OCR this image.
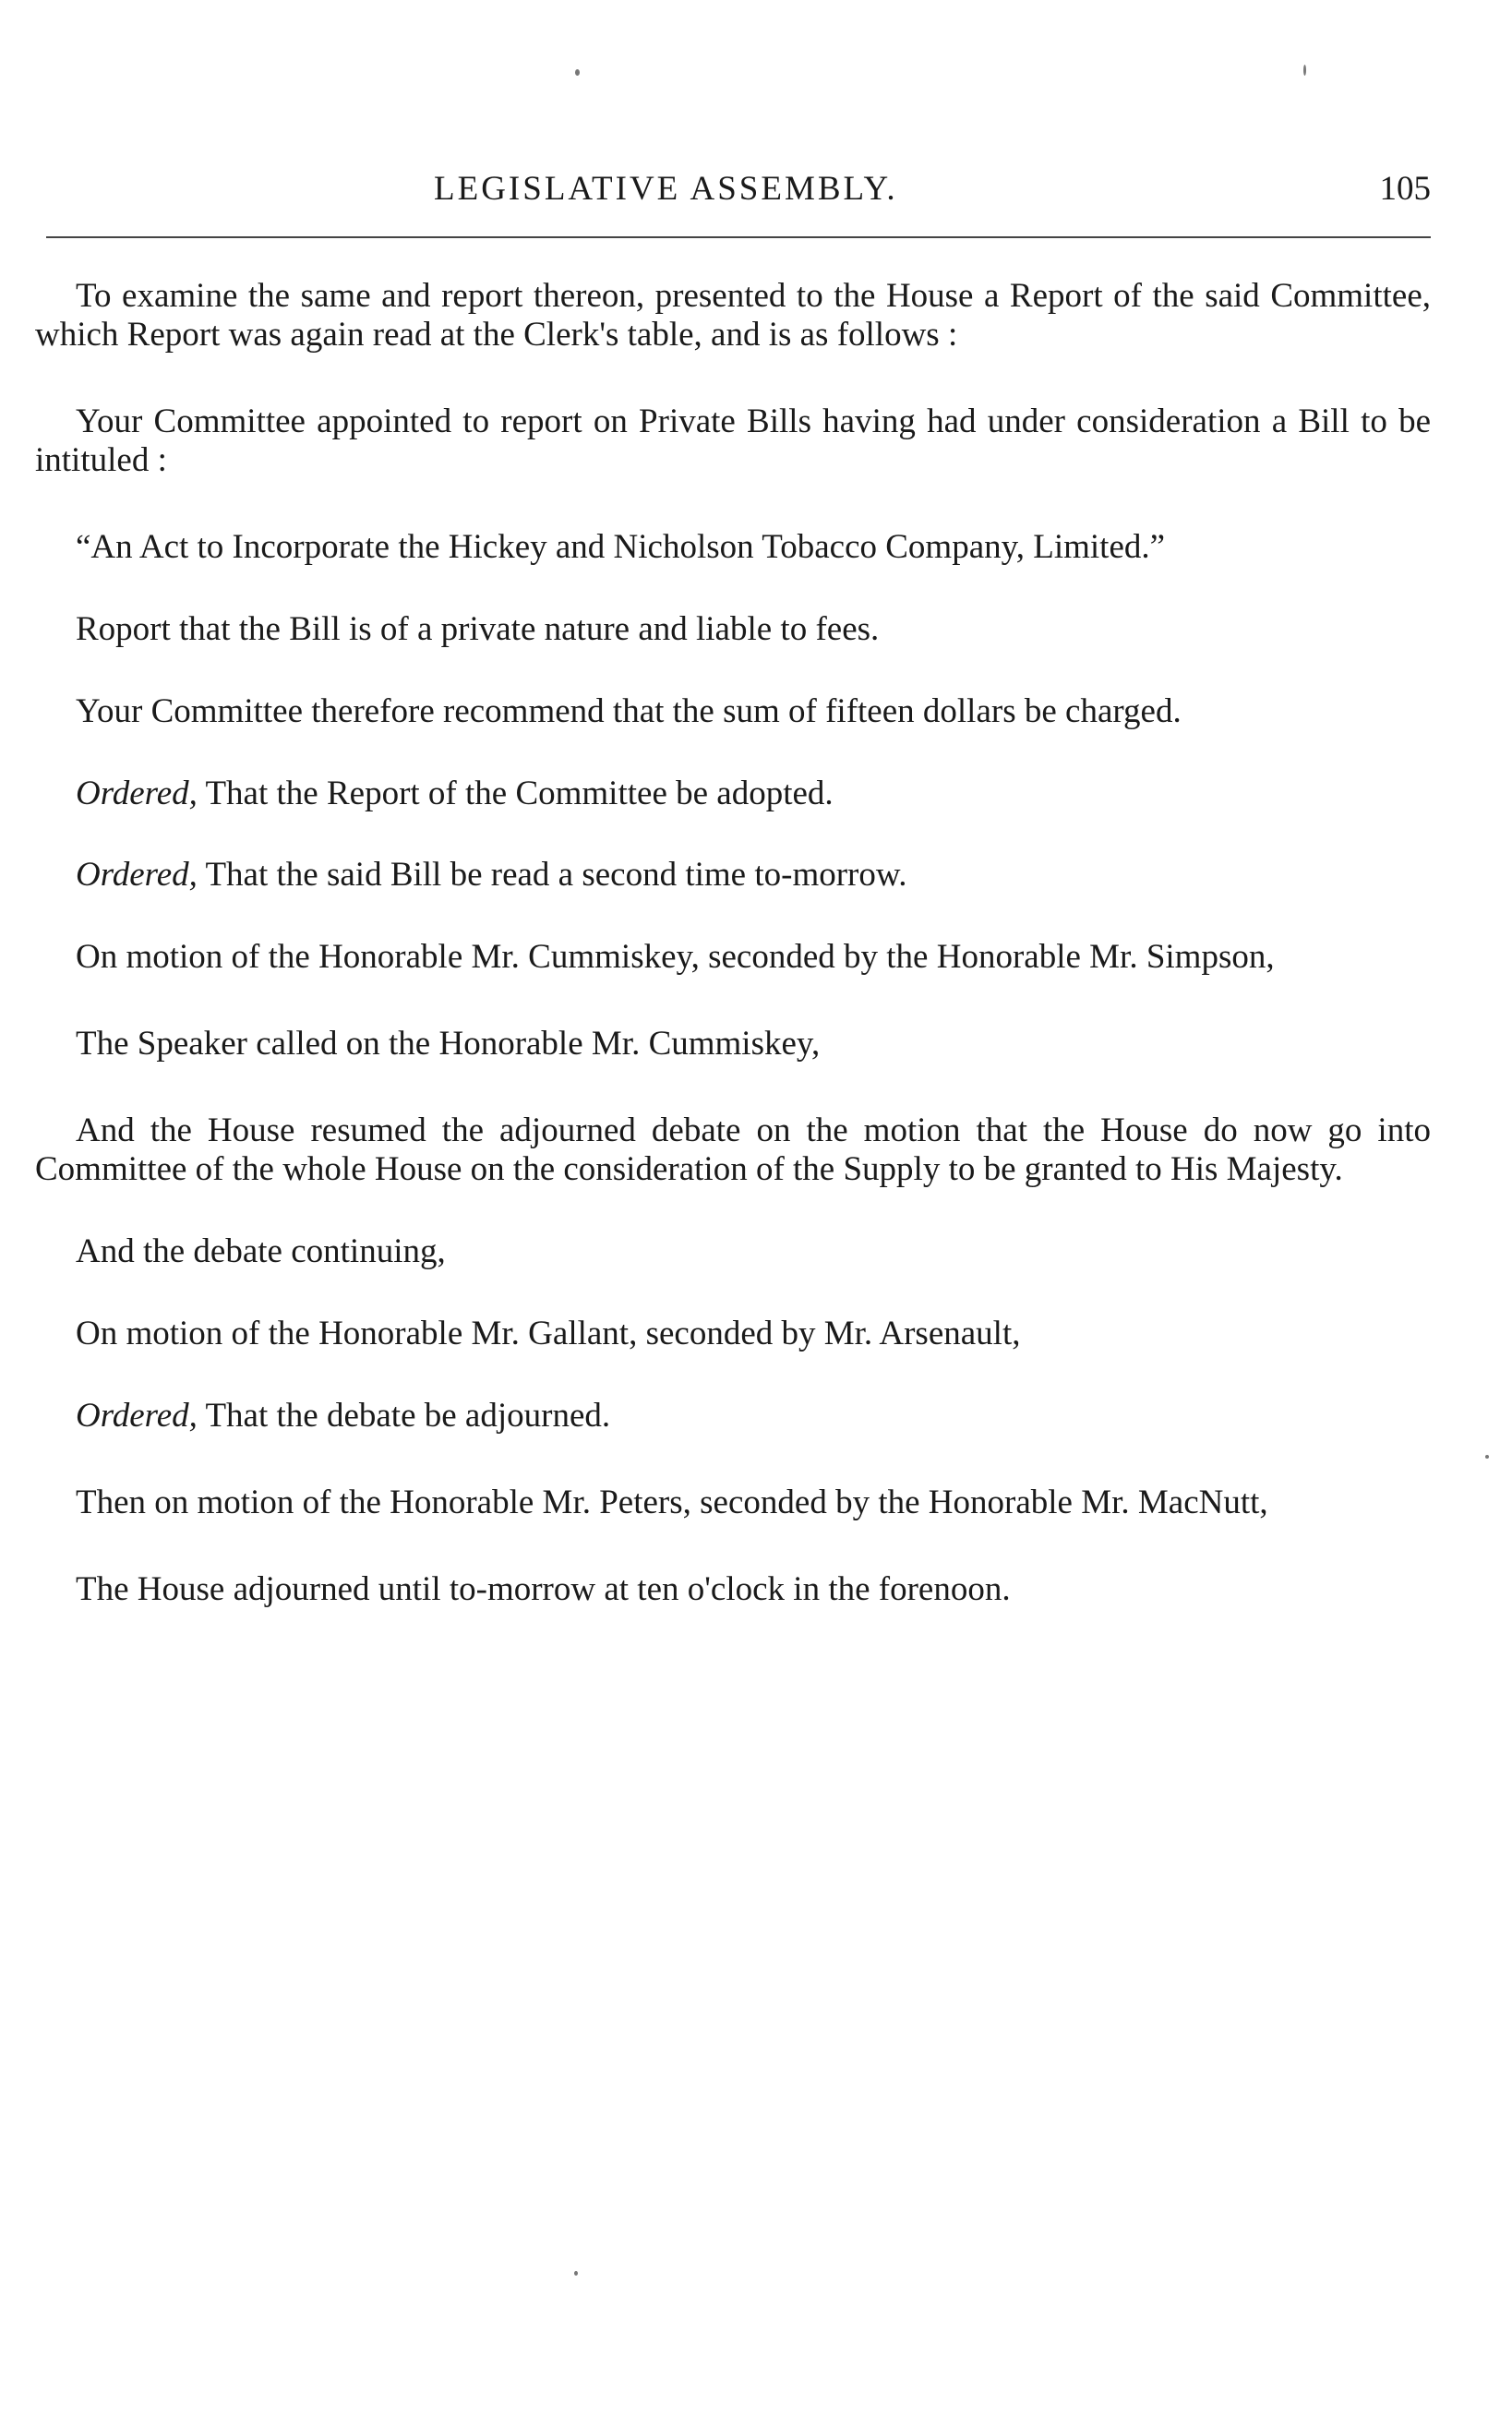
LEGISLATIVE ASSEMBLY.	105

To examine the same and report thereon, presented to the House a Report of the said Committee, which Report was again read at the Clerk's table, and is as follows :

Your Committee appointed to report on Private Bills having had under consideration a Bill to be intituled :

“An Act to Incorporate the Hickey and Nicholson Tobacco Company, Limited.”

Roport that the Bill is of a private nature and liable to fees.

Your Committee therefore recommend that the sum of fifteen dollars be charged.

Ordered, That the Report of the Committee be adopted.

Ordered, That the said Bill be read a second time to-morrow.

On motion of the Honorable Mr. Cummiskey, seconded by the Honorable Mr. Simpson,

The Speaker called on the Honorable Mr. Cummiskey,

And the House resumed the adjourned debate on the motion that the House do now go into Committee of the whole House on the consideration of the Supply to be granted to His Majesty.

And the debate continuing,

On motion of the Honorable Mr. Gallant, seconded by Mr. Arsenault,

Ordered, That the debate be adjourned.

Then on motion of the Honorable Mr. Peters, seconded by the Honorable Mr. MacNutt,

The House adjourned until to-morrow at ten o'clock in the forenoon.
